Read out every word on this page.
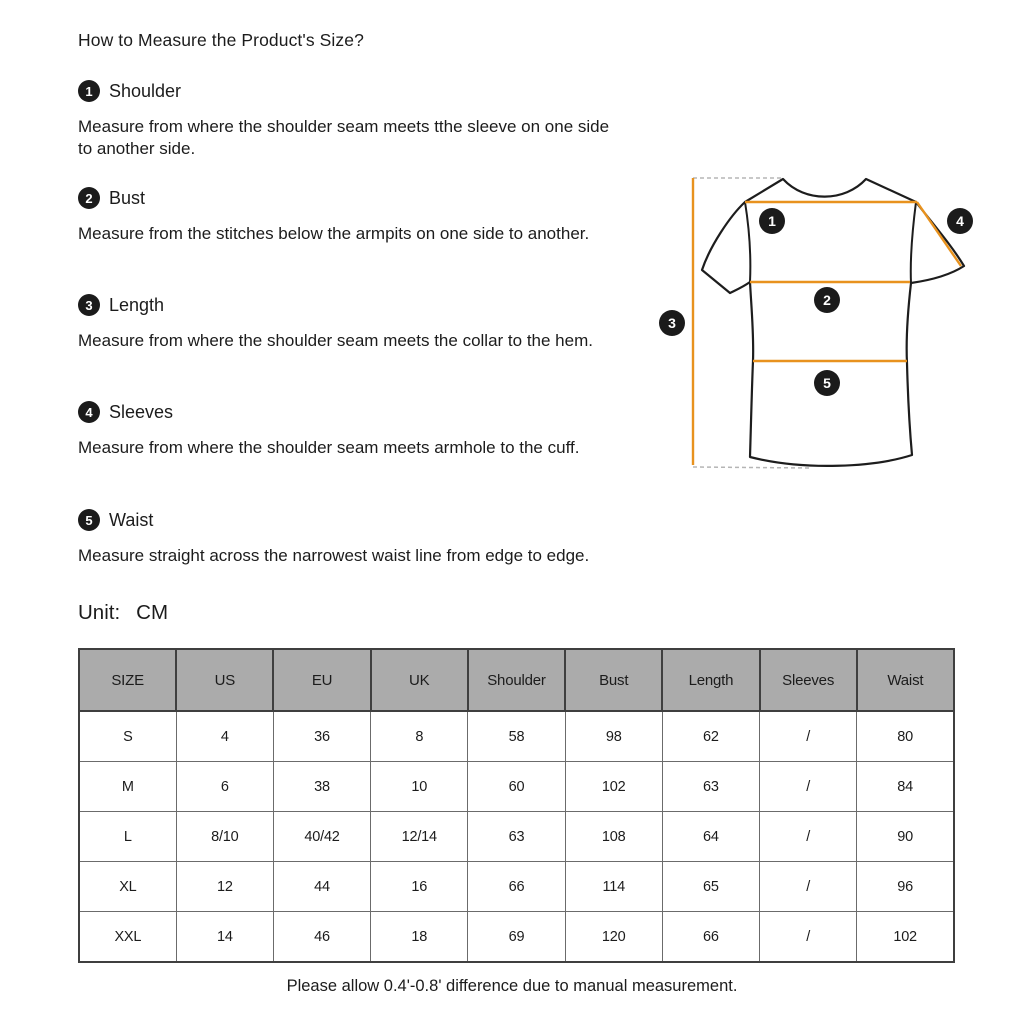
How to Measure the Product's Size?
1 Shoulder

Measure from where the shoulder seam meets tthe sleeve on one side to another side.

2 Bust

Measure from the stitches below the armpits on one side to another.

3 Length

Measure from where the shoulder seam meets the collar to the hem.

4 Sleeves

Measure from where the shoulder seam meets armhole to the cuff.

5 Waist

Measure straight across the narrowest waist line from edge to edge.

Unit: CM
1
2
3
4
5
SIZE	US	EU	UK	Shoulder	Bust	Length	Sleeves	Waist
S	4	36	8	58	98	62	/	80
M	6	38	10	60	102	63	/	84
L	8/10	40/42	12/14	63	108	64	/	90
XL	12	44	16	66	114	65	/	96
XXL	14	46	18	69	120	66	/	102
Please allow 0.4'-0.8' difference due to manual measurement.
